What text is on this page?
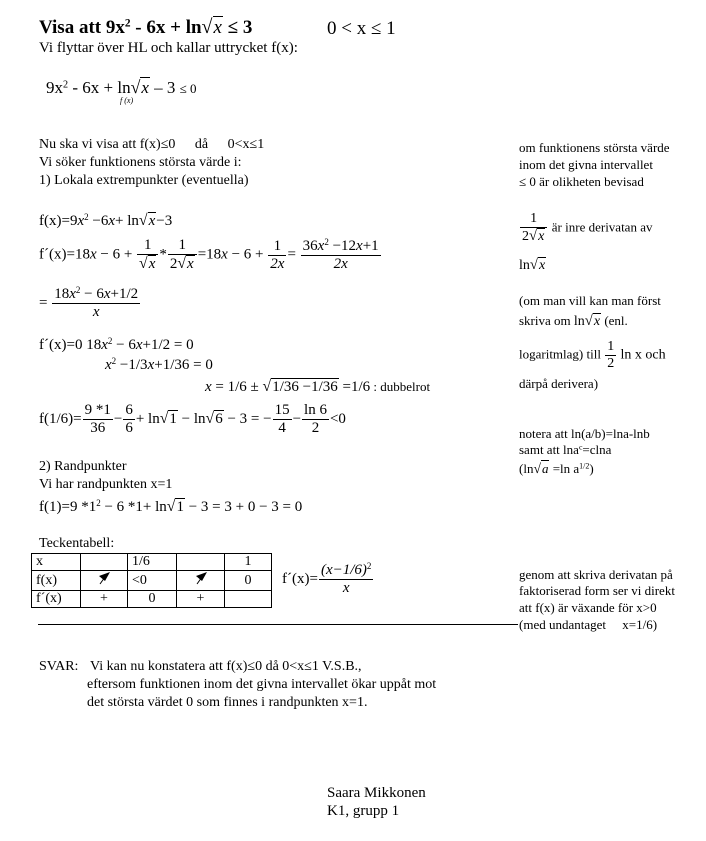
Visa att $9x^2 - 6x + \ln√x \le 3$	0 < x ≤ 1
Vi flyttar över HL och kallar uttrycket f(x):
$9x^2 - 6x + \ln√x - 3 \le 0$
f (x)
Nu ska vi visa att f(x)≤0 då 0<x≤1
Vi söker funktionens största värde i:
1) Lokala extrempunkter (eventuella)
$f(x)=9x^2 -6x+ \ln√x-3$
f´(x)=18x − $6 + \frac{1}{√x} * \frac{1}{2√x} =18x - 6 + \frac{1}{2x} = \frac{36x^2 -12x+1}{2x}$
= $\frac{18x^2 - 6x+1/2}{x}$
f´(x)=0 $18x^2 - 6x+1/2 = 0$
$x^2 -1/3x+1/36 = 0$
x = 1/6 ± √1/36 −1/36 =1/6 : dubbelrot
$f(1/6)= \frac{9 *1}{36} - \frac{6}{6} + \ln√1 - \ln√6 - 3$ = − $\frac{15}{4} - \frac{\ln 6}{2} <0$
2) Randpunkter
Vi har randpunkten x=1
f(1)=9 $*1^2 - 6$ *1+ ln√1 − 3 = 3 + 0 − 3 = 0
Teckentabell:
x		1/6		1
f(x)		<0		0
f´(x)	+	0	+	
f´(x)= $\frac{(x-1/6)^2}{x}$
SVAR: Vi kan nu konstatera att f(x)≤0 då 0<x≤1 V.S.B.,
eftersom funktionen inom det givna intervallet ökar uppåt mot
det största värdet 0 som finnes i randpunkten x=1.
Saara Mikkonen
K1, grupp 1
om funktionens största värde
inom det givna intervallet
≤ 0 är olikheten bevisad
$\frac{1}{2√x}$ är inre derivatan av
ln√x
(om man vill kan man först
skriva om ln√x (enl.
logaritmlag) till $\frac{1}{2}$ ln x och
därpå derivera)
notera att ln(a/b)=lna-lnb
samt att lna$^c$=clna
(ln√a =ln $a^{1/2}$)
genom att skriva derivatan på
faktoriserad form ser vi direkt
att f(x) är växande för x>0
(med undantaget     x=1/6)
